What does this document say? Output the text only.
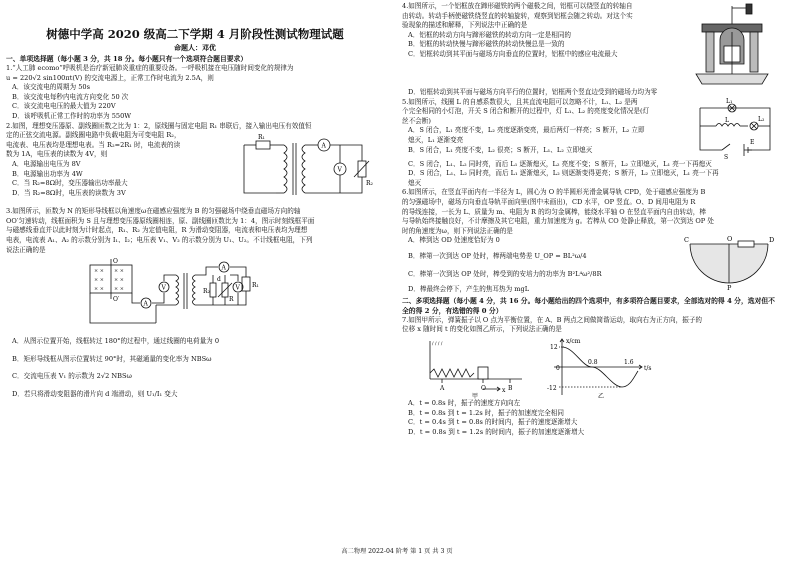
树德中学高 2020 级高二下学期 4 月阶段性测试物理试题
命题人：邓优
一、单项选择题（每小题 3 分，共 18 分。每小题只有一个选项符合题目要求）

1.“人工肺 ecomo”呼吸机是治疗新冠肺炎重症的重要设备。一呼吸机接在电压随时间变化的规律为

u = 220√2 sin100πt(V) 的交流电源上，正常工作时电流为 2.5A，则

A．该交流电的周期为 50s

B．该交流电每秒内电流方向变化 50 次

C．该交流电电压的最大值为 220V

D．该呼吸机正常工作时的功率为 550W

2.如图，理想变压器原、副线圈匝数之比为 1：2，原线圈与固定电阻 R₁ 串联后，接入输出电压有效值恒

定的正弦交流电源。副线圈电路中负载电阻为可变电阻 R₂，

电流表、电压表均是理想电表。当 R₂=2R₁ 时，电流表的读

数为 1A，电压表的读数为 4V，则

A．电源输出电压为 8V

B．电源输出功率为 4W

C．当 R₂=8Ω时，变压器输出功率最大

D．当 R₂=8Ω时，电压表的读数为 3V

R₁
A
V
R₂

3.如图所示，匝数为 N 的矩形导线框以角速度ω在磁感应强度为 B 的匀强磁场中绕垂直磁场方向的轴

OO′匀速转动，线框面积为 S 且与理想变压器原线圈相连，原、副线圈匝数比为 1：4，图示时刻线框平面

与磁感线垂直并以此时刻为计时起点，R₁、R₂ 为定值电阻，R 为滑动变阻器，电流表和电压表均为理想

电表，电流表 A₁、A₂ 的示数分别为 I₁、I₂；电压表 V₁、V₂ 的示数分别为 U₁、U₂。不计线框电阻，下列

说法正确的是

× × × ×
× × × ×
× × × ×
O
O′
A
V
A
V R₁
R₂
R
d

A．从图示位置开始，线框转过 180°的过程中，通过线圈的电荷量为 0

B．矩形导线框从图示位置转过 90°时，其磁通量的变化率为 NBSω

C．交流电压表 V₁ 的示数为 2√2 NBSω

D．若只将滑动变阻器的滑片向 d 端滑动，则 U₁/I₁ 变大

4.如图所示，一个铝框放在蹄形磁铁的两个磁极之间，铝框可以绕竖直的转轴自

由转动。转动手柄使磁铁绕竖直的转轴旋转，观察到铝框会随之转动。对这个实

验现象的描述和解释，下列说法中正确的是

A．铝框的转动方向与蹄形磁铁的转动方向一定是相同的

B．铝框的转动快慢与蹄形磁铁的转动快慢总是一致的

C．铝框转动到其平面与磁场方向垂直的位置时，铝框中的感应电流最大

D．铝框转动到其平面与磁场方向平行的位置时，铝框两个竖直边受到的磁场力均为零

5.如图所示，线圈 L 的自感系数很大，且其直流电阻可以忽略不计，L₁、L₂ 是两

个完全相同的小灯泡，开关 S 闭合和断开的过程中，灯 L₁、L₂ 的亮度变化情况是(灯

丝不会断)

A．S 闭合，L₁ 亮度不变，L₂ 亮度逐渐变亮，最后两灯一样亮；S 断开，L₂ 立即

熄灭，L₁ 逐渐变亮

B．S 闭合，L₁ 亮度不变，L₂ 很亮；S 断开，L₁、L₂ 立即熄灭

L₁
L	L₂
S
E

C．S 闭合，L₁、L₂ 同时亮，而后 L₁ 逐渐熄灭，L₂ 亮度不变；S 断开，L₂ 立即熄灭，L₁ 亮一下再熄灭

D．S 闭合，L₁、L₂ 同时亮，而后 L₁ 逐渐熄灭，L₂ 则逐渐变得更亮；S 断开，L₂ 立即熄灭，L₁ 亮一下再

熄灭

6.如图所示，在竖直平面内有一半径为 L，圆心为 O 的半圆形光滑金属导轨 CPD，处于磁感应强度为 B

的匀强磁场中，磁场方向垂直导轨平面向里(图中未画出)，CD 水平，OP 竖直。O、D 间用电阻为 R

的导线连接，一长为 L、质量为 m、电阻为 R 的均匀金属棒，能绕水平轴 O 在竖直平面内自由转动，棒

与导轨始终接触良好，不计摩擦及其它电阻，重力加速度为 g。若棒从 CO 处静止释放，第一次到达 OP 处

时的角速度为ω，则下列说法正确的是

A．棒到达 OD 处速度恰好为 0

B．棒第一次到达 OP 处时，棒两端电势差 U_OP = BL²ω/4

C．棒第一次到达 OP 处时，棒受到的安培力的功率为 B²L⁴ω²/8R

D．棒最终会停下，产生的焦耳热为 mgL

C	O	D
P
二、多项选择题（每小题 4 分，共 16 分。每小题给出的四个选项中，有多项符合题目要求，全部选对的得 4 分，选对但不全的得 2 分，有选错的得 0 分）

7.如图甲所示，弹簧振子以 O 点为平衡位置，在 A、B 两点之间做简谐运动，取向右为正方向，振子的

位移 x 随时间 t 的变化如图乙所示，下列说法正确的是

/ / / /
A	O	B
x
甲
x/cm
12
0
-12
0.8	1.6
t/s
乙

A．t = 0.8s 时，振子的速度方向向左

B．t = 0.8s 到 t = 1.2s 时，振子的加速度完全相同

C．t = 0.4s 到 t = 0.8s 的时间内，振子的速度逐渐增大

D．t = 0.8s 到 t = 1.2s 的时间内，振子的加速度逐渐增大

高二物理 2022-04 阶考 第 1 页 共 3 页
